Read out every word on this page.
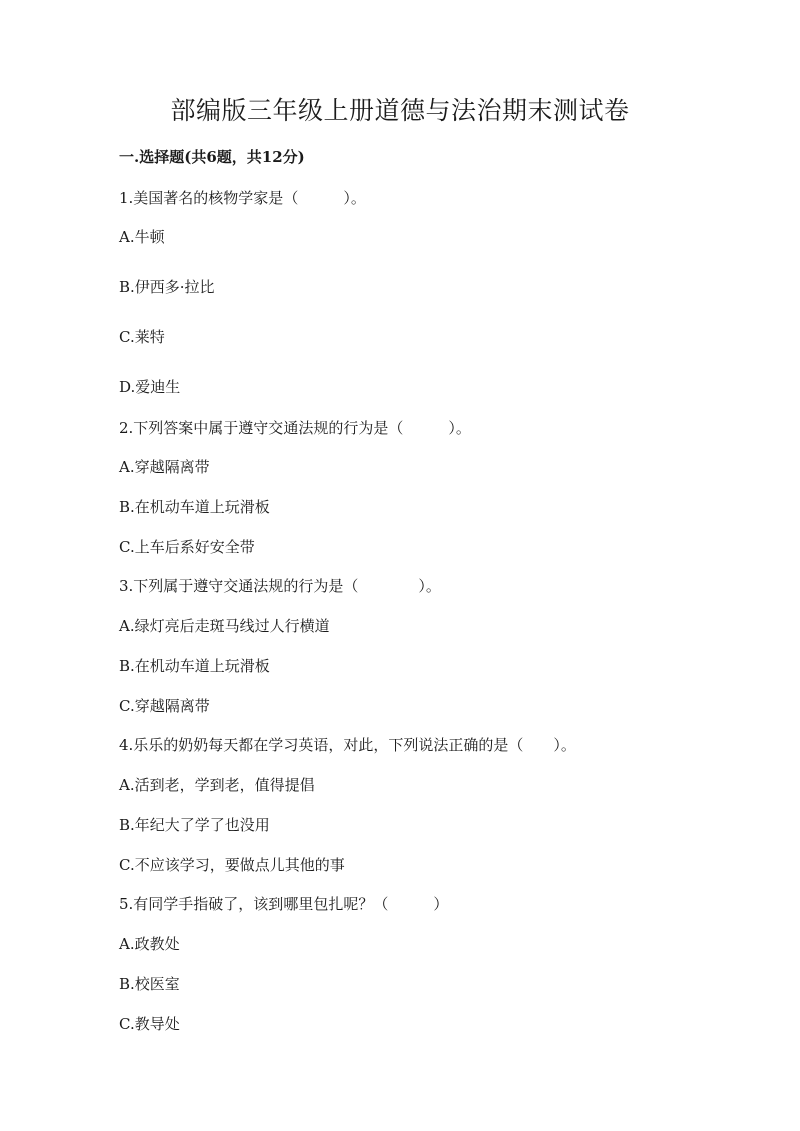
部编版三年级上册道德与法治期末测试卷
一.选择题(共6题，共12分)
1.美国著名的核物学家是（　　　）。
A.牛顿
B.伊西多·拉比
C.莱特
D.爱迪生
2.下列答案中属于遵守交通法规的行为是（　　　）。
A.穿越隔离带
B.在机动车道上玩滑板
C.上车后系好安全带
3.下列属于遵守交通法规的行为是（　　　　）。
A.绿灯亮后走斑马线过人行横道
B.在机动车道上玩滑板
C.穿越隔离带
4.乐乐的奶奶每天都在学习英语，对此，下列说法正确的是（　　）。
A.活到老，学到老，值得提倡
B.年纪大了学了也没用
C.不应该学习，要做点儿其他的事
5.有同学手指破了，该到哪里包扎呢？（　　　）
A.政教处
B.校医室
C.教导处
